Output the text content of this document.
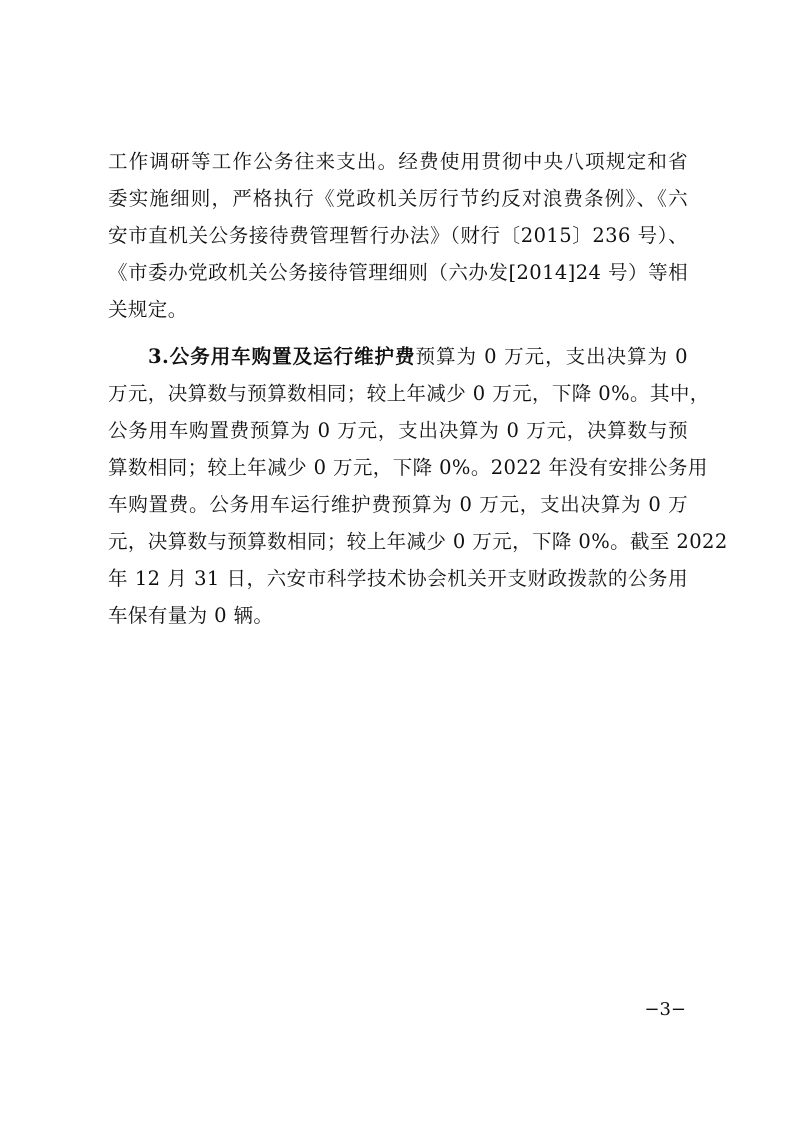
工作调研等工作公务往来支出。经费使用贯彻中央八项规定和省
委实施细则，严格执行《党政机关厉行节约反对浪费条例》、《六
安市直机关公务接待费管理暂行办法》（财行〔2015〕236 号）、
《市委办党政机关公务接待管理细则（六办发[2014]24 号）等相
关规定。
3.公务用车购置及运行维护费预算为 0 万元，支出决算为 0
万元，决算数与预算数相同；较上年减少 0 万元，下降 0%。其中，
公务用车购置费预算为 0 万元，支出决算为 0 万元，决算数与预
算数相同；较上年减少 0 万元，下降 0%。2022 年没有安排公务用
车购置费。公务用车运行维护费预算为 0 万元，支出决算为 0 万
元，决算数与预算数相同；较上年减少 0 万元，下降 0%。截至 2022
年 12 月 31 日，六安市科学技术协会机关开支财政拨款的公务用
车保有量为 0 辆。
−3−
